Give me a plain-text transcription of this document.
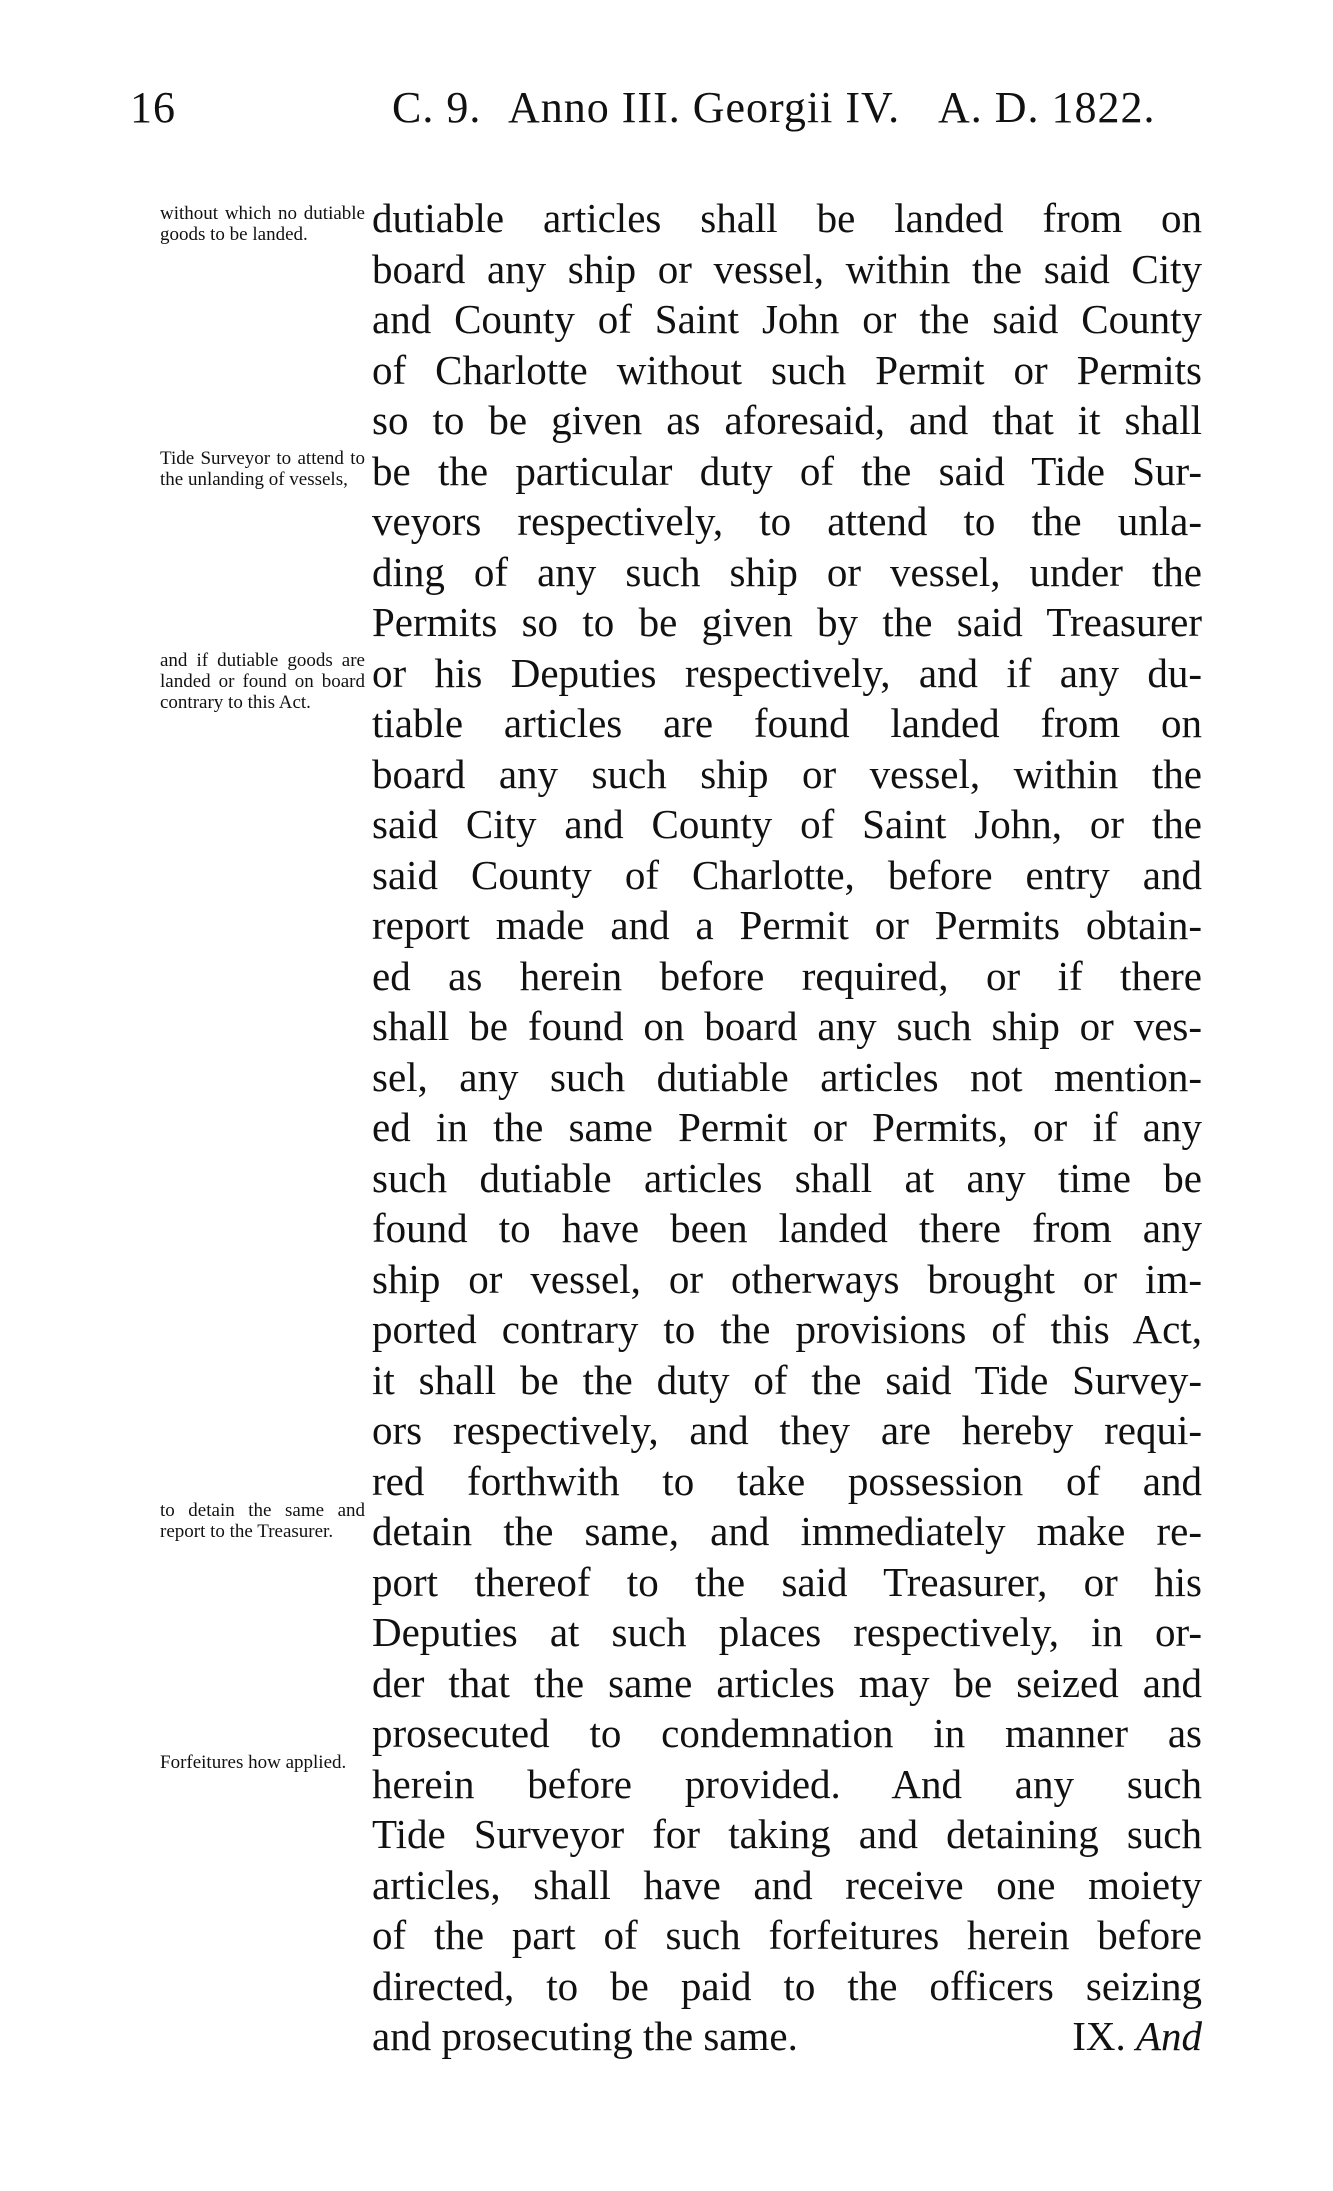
16	C. 9. Anno III. Georgii IV. A. D. 1822.
without which no dutiable goods to be landed.
Tide Surveyor to attend to the unlanding of vessels,
and if dutiable goods are landed or found on board contrary to this Act.
to detain the same and report to the Treasurer.
Forfeitures how applied.
dutiable articles shall be landed from on
board any ship or vessel, within the said City
and County of Saint John or the said County
of Charlotte without such Permit or Permits
so to be given as aforesaid, and that it shall
be the particular duty of the said Tide Sur-
veyors respectively, to attend to the unla-
ding of any such ship or vessel, under the
Permits so to be given by the said Treasurer
or his Deputies respectively, and if any du-
tiable articles are found landed from on
board any such ship or vessel, within the
said City and County of Saint John, or the
said County of Charlotte, before entry and
report made and a Permit or Permits obtain-
ed as herein before required, or if there
shall be found on board any such ship or ves-
sel, any such dutiable articles not mention-
ed in the same Permit or Permits, or if any
such dutiable articles shall at any time be
found to have been landed there from any
ship or vessel, or otherways brought or im-
ported contrary to the provisions of this Act,
it shall be the duty of the said Tide Survey-
ors respectively, and they are hereby requi-
red forthwith to take possession of and
detain the same, and immediately make re-
port thereof to the said Treasurer, or his
Deputies at such places respectively, in or-
der that the same articles may be seized and
prosecuted to condemnation in manner as
herein before provided. And any such
Tide Surveyor for taking and detaining such
articles, shall have and receive one moiety
of the part of such forfeitures herein before
directed, to be paid to the officers seizing
and prosecuting the same.	IX. And
